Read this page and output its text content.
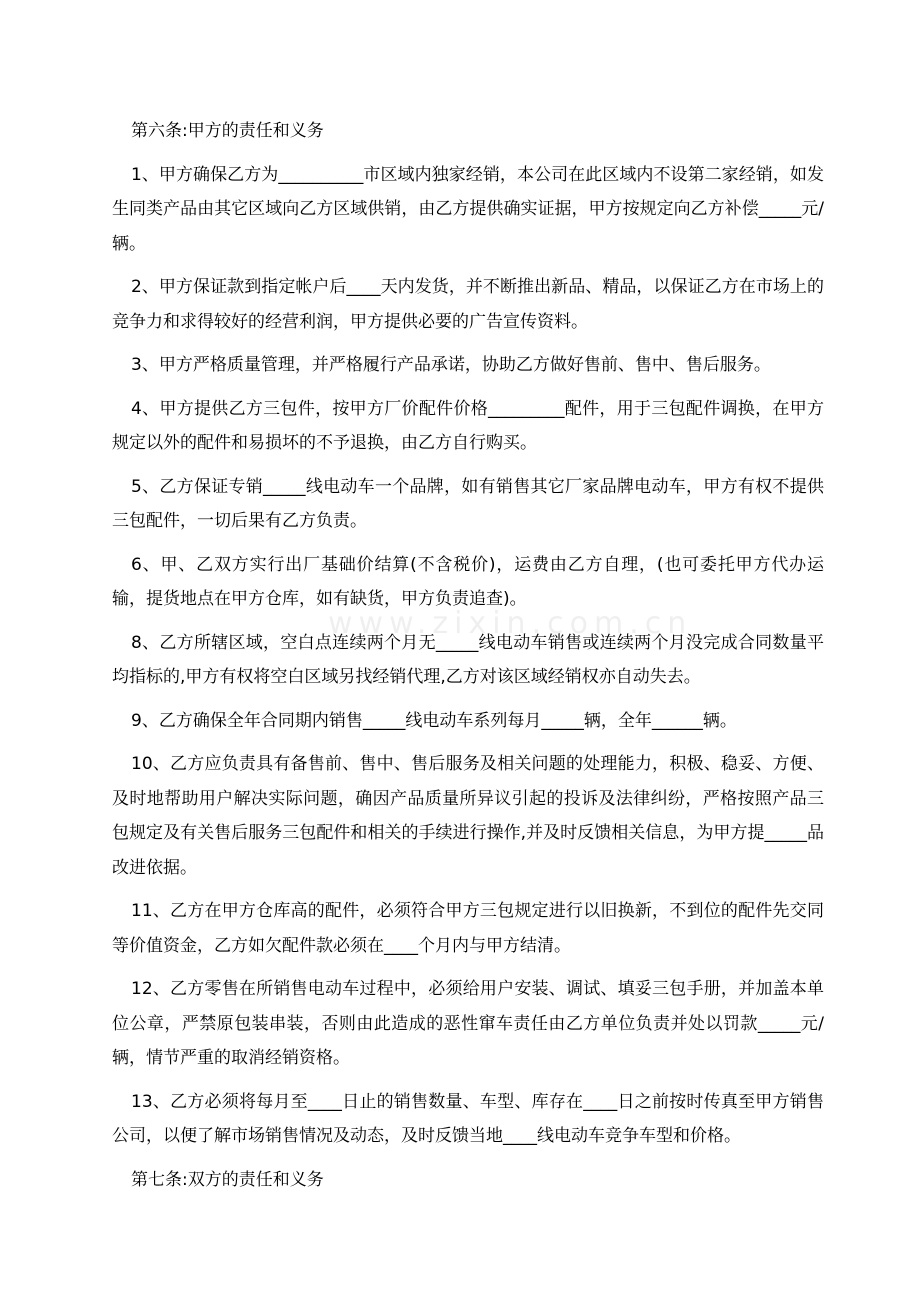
第六条:甲方的责任和义务

1、甲方确保乙方为__________市区域内独家经销，本公司在此区域内不设第二家经销，如发生同类产品由其它区域向乙方区域供销，由乙方提供确实证据，甲方按规定向乙方补偿_____元/辆。

2、甲方保证款到指定帐户后____天内发货，并不断推出新品、精品，以保证乙方在市场上的竞争力和求得较好的经营利润，甲方提供必要的广告宣传资料。

3、甲方严格质量管理，并严格履行产品承诺，协助乙方做好售前、售中、售后服务。

4、甲方提供乙方三包件，按甲方厂价配件价格_________配件，用于三包配件调换，在甲方规定以外的配件和易损坏的不予退换，由乙方自行购买。

5、乙方保证专销_____线电动车一个品牌，如有销售其它厂家品牌电动车，甲方有权不提供三包配件，一切后果有乙方负责。

6、甲、乙双方实行出厂基础价结算(不含税价)，运费由乙方自理，(也可委托甲方代办运输，提货地点在甲方仓库，如有缺货，甲方负责追查)。

8、乙方所辖区域，空白点连续两个月无_____线电动车销售或连续两个月没完成合同数量平均指标的,甲方有权将空白区域另找经销代理,乙方对该区域经销权亦自动失去。

9、乙方确保全年合同期内销售_____线电动车系列每月_____辆，全年______辆。

10、乙方应负责具有备售前、售中、售后服务及相关问题的处理能力，积极、稳妥、方便、及时地帮助用户解决实际问题，确因产品质量所异议引起的投诉及法律纠纷，严格按照产品三包规定及有关售后服务三包配件和相关的手续进行操作,并及时反馈相关信息，为甲方提_____品改进依据。

11、乙方在甲方仓库高的配件，必须符合甲方三包规定进行以旧换新，不到位的配件先交同等价值资金，乙方如欠配件款必须在____个月内与甲方结清。

12、乙方零售在所销售电动车过程中，必须给用户安装、调试、填妥三包手册，并加盖本单位公章，严禁原包装串装，否则由此造成的恶性窜车责任由乙方单位负责并处以罚款_____元/辆，情节严重的取消经销资格。

13、乙方必须将每月至____日止的销售数量、车型、库存在____日之前按时传真至甲方销售公司，以便了解市场销售情况及动态，及时反馈当地____线电动车竞争车型和价格。

第七条:双方的责任和义务

www.zixin.com.cn
